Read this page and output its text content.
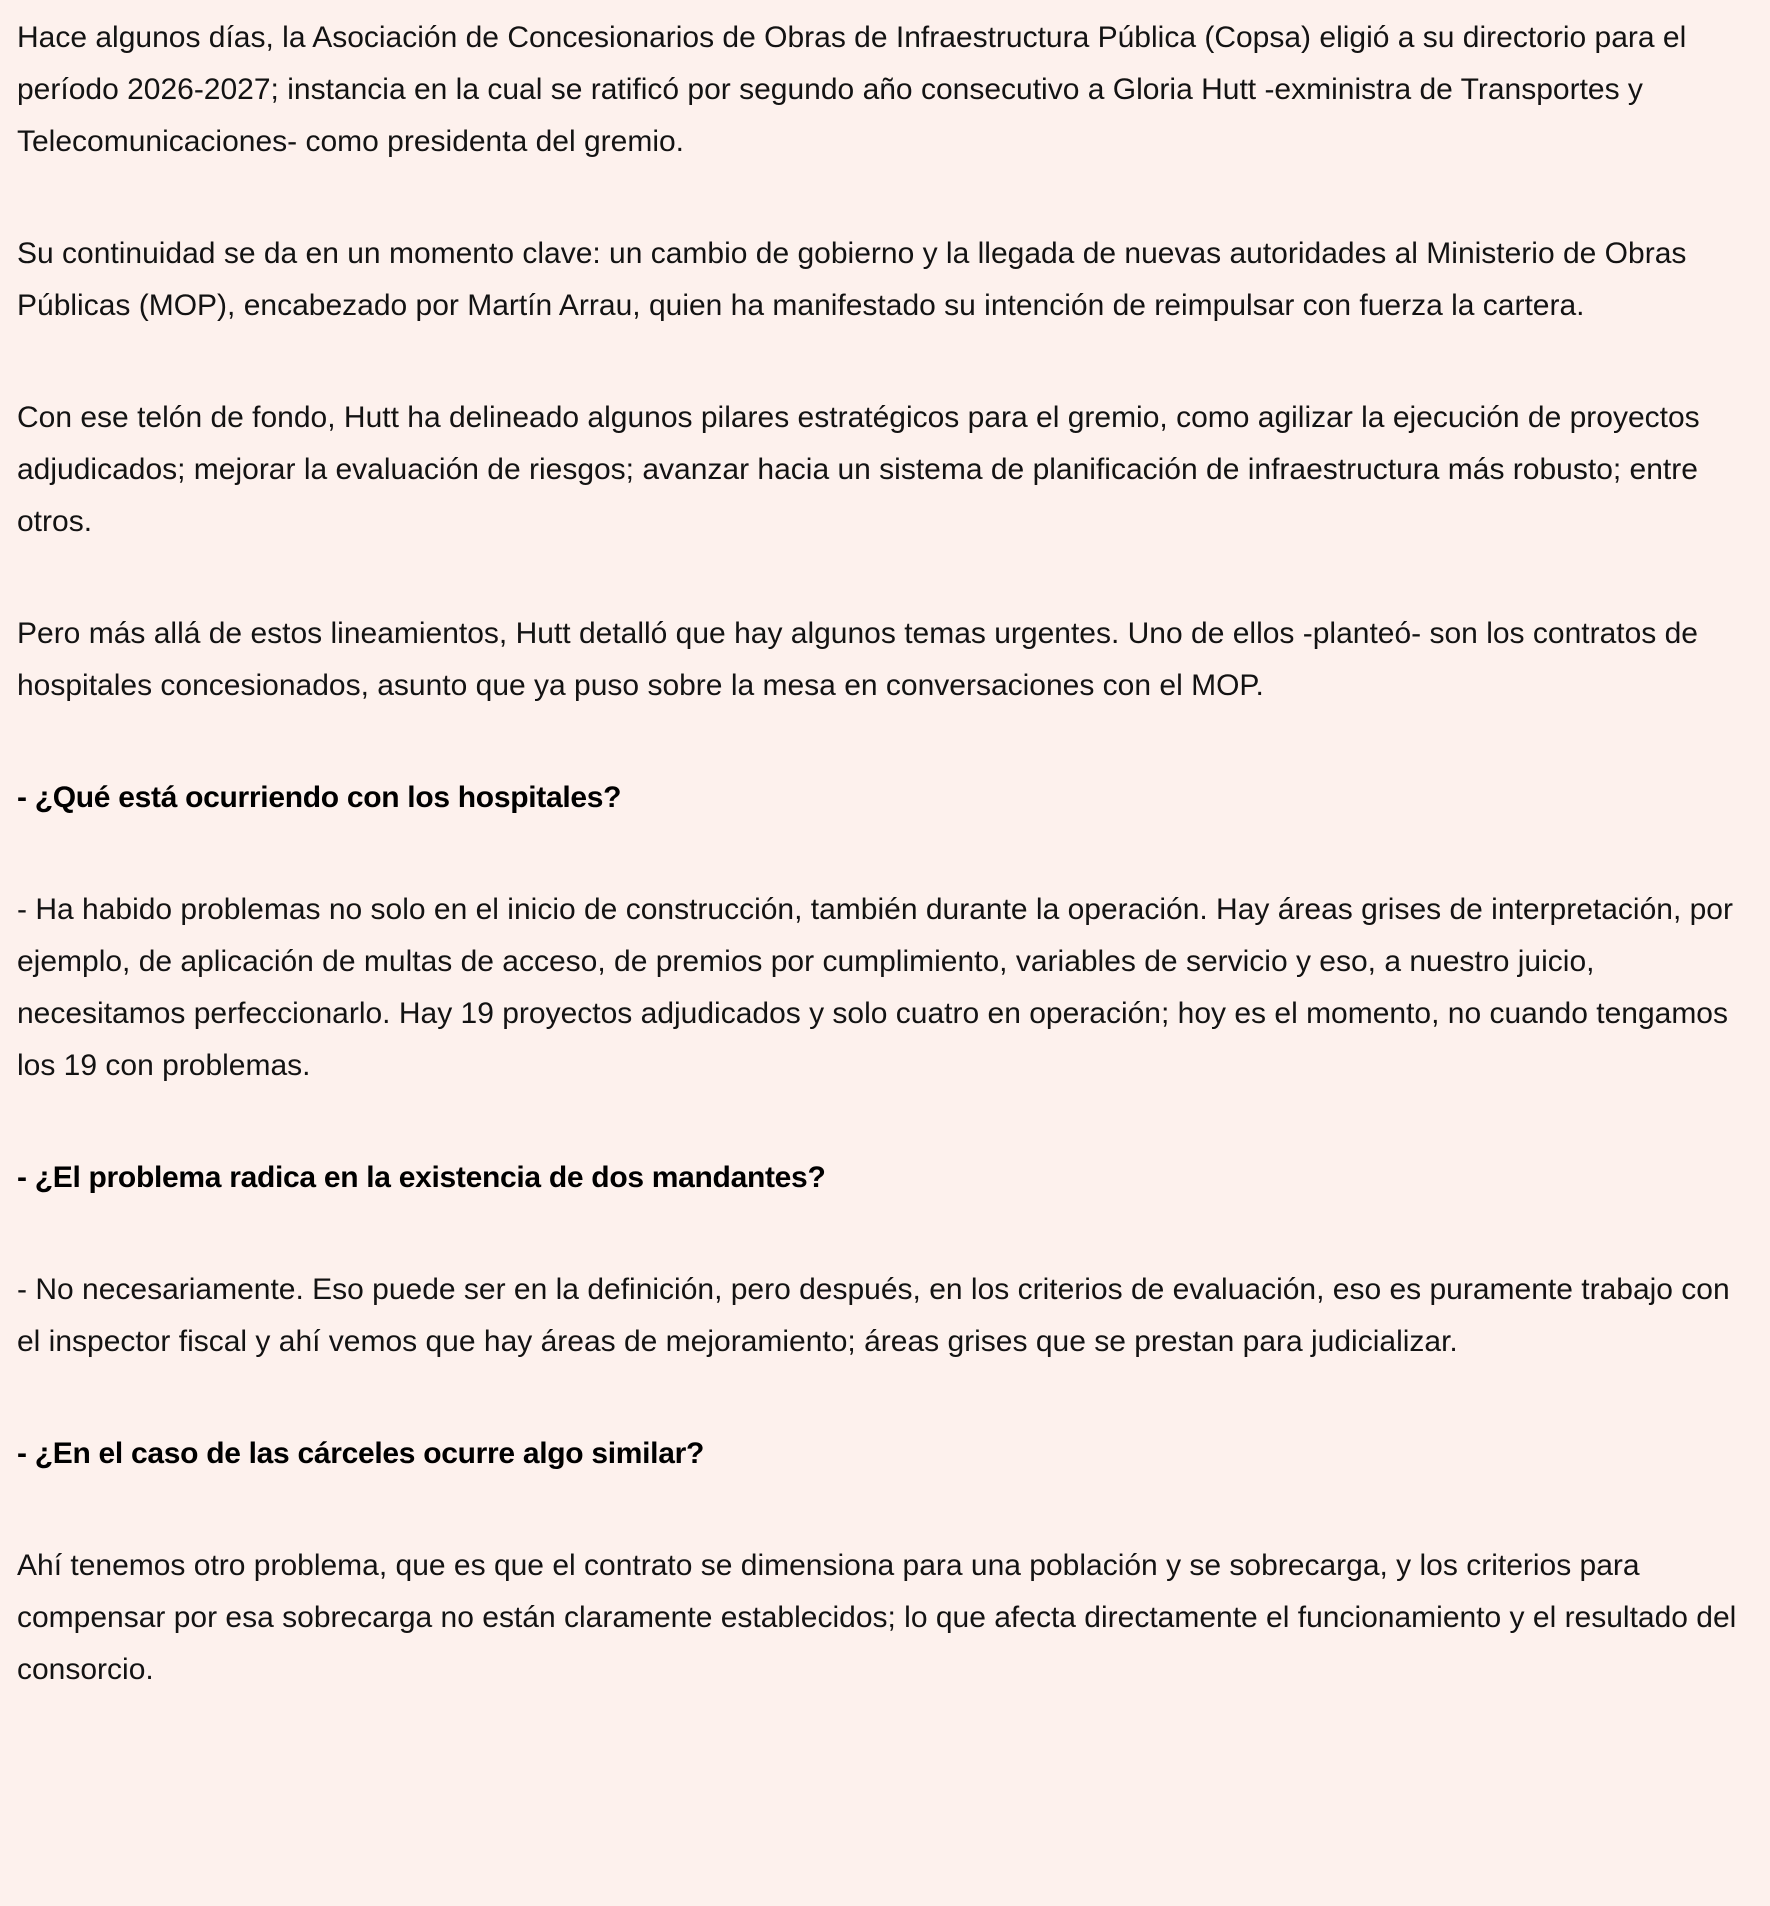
Hace algunos días, la Asociación de Concesionarios de Obras de Infraestructura Pública (Copsa) eligió a su directorio para el período 2026-2027; instancia en la cual se ratificó por segundo año consecutivo a Gloria Hutt -exministra de Transportes y Telecomunicaciones- como presidenta del gremio.

Su continuidad se da en un momento clave: un cambio de gobierno y la llegada de nuevas autoridades al Ministerio de Obras Públicas (MOP), encabezado por Martín Arrau, quien ha manifestado su intención de reimpulsar con fuerza la cartera.

Con ese telón de fondo, Hutt ha delineado algunos pilares estratégicos para el gremio, como agilizar la ejecución de proyectos adjudicados; mejorar la evaluación de riesgos; avanzar hacia un sistema de planificación de infraestructura más robusto; entre otros.

Pero más allá de estos lineamientos, Hutt detalló que hay algunos temas urgentes. Uno de ellos -planteó- son los contratos de hospitales concesionados, asunto que ya puso sobre la mesa en conversaciones con el MOP.

- ¿Qué está ocurriendo con los hospitales?

- Ha habido problemas no solo en el inicio de construcción, también durante la operación. Hay áreas grises de interpretación, por ejemplo, de aplicación de multas de acceso, de premios por cumplimiento, variables de servicio y eso, a nuestro juicio, necesitamos perfeccionarlo. Hay 19 proyectos adjudicados y solo cuatro en operación; hoy es el momento, no cuando tengamos los 19 con problemas.

- ¿El problema radica en la existencia de dos mandantes?

- No necesariamente. Eso puede ser en la definición, pero después, en los criterios de evaluación, eso es puramente trabajo con el inspector fiscal y ahí vemos que hay áreas de mejoramiento; áreas grises que se prestan para judicializar.

- ¿En el caso de las cárceles ocurre algo similar?

Ahí tenemos otro problema, que es que el contrato se dimensiona para una población y se sobrecarga, y los criterios para compensar por esa sobrecarga no están claramente establecidos; lo que afecta directamente el funcionamiento y el resultado del consorcio.
